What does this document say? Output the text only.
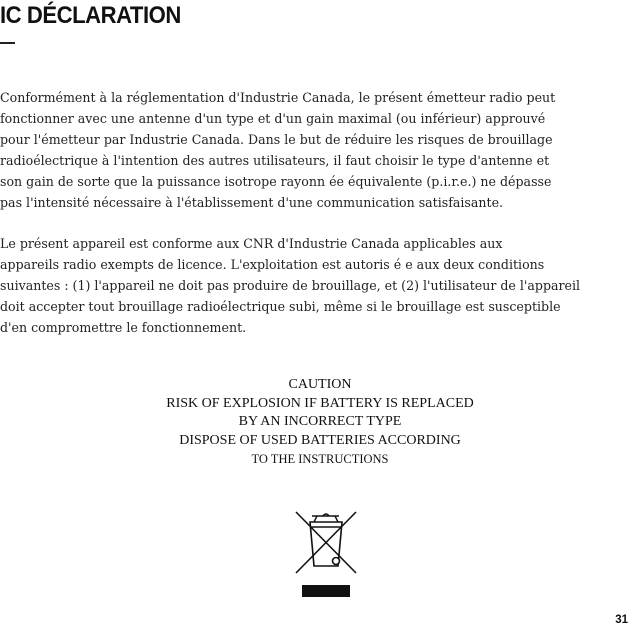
IC DÉCLARATION
Conformément à la réglementation d'Industrie Canada, le présent émetteur radio peut
fonctionner avec une antenne d'un type et d'un gain maximal (ou inférieur) approuvé
pour l'émetteur par Industrie Canada. Dans le but de réduire les risques de brouillage
radioélectrique à l'intention des autres utilisateurs, il faut choisir le type d'antenne et
son gain de sorte que la puissance isotrope rayonn ée équivalente (p.i.r.e.) ne dépasse
pas l'intensité nécessaire à l'établissement d'une communication satisfaisante.
Le présent appareil est conforme aux CNR d'Industrie Canada applicables aux
appareils radio exempts de licence. L'exploitation est autoris é e aux deux conditions
suivantes : (1) l'appareil ne doit pas produire de brouillage, et (2) l'utilisateur de l'appareil
doit accepter tout brouillage radioélectrique subi, même si le brouillage est susceptible
d'en compromettre le fonctionnement.
CAUTION
RISK OF EXPLOSION IF BATTERY IS REPLACED
BY AN INCORRECT TYPE
DISPOSE OF USED BATTERIES ACCORDING
TO THE INSTRUCTIONS
31
